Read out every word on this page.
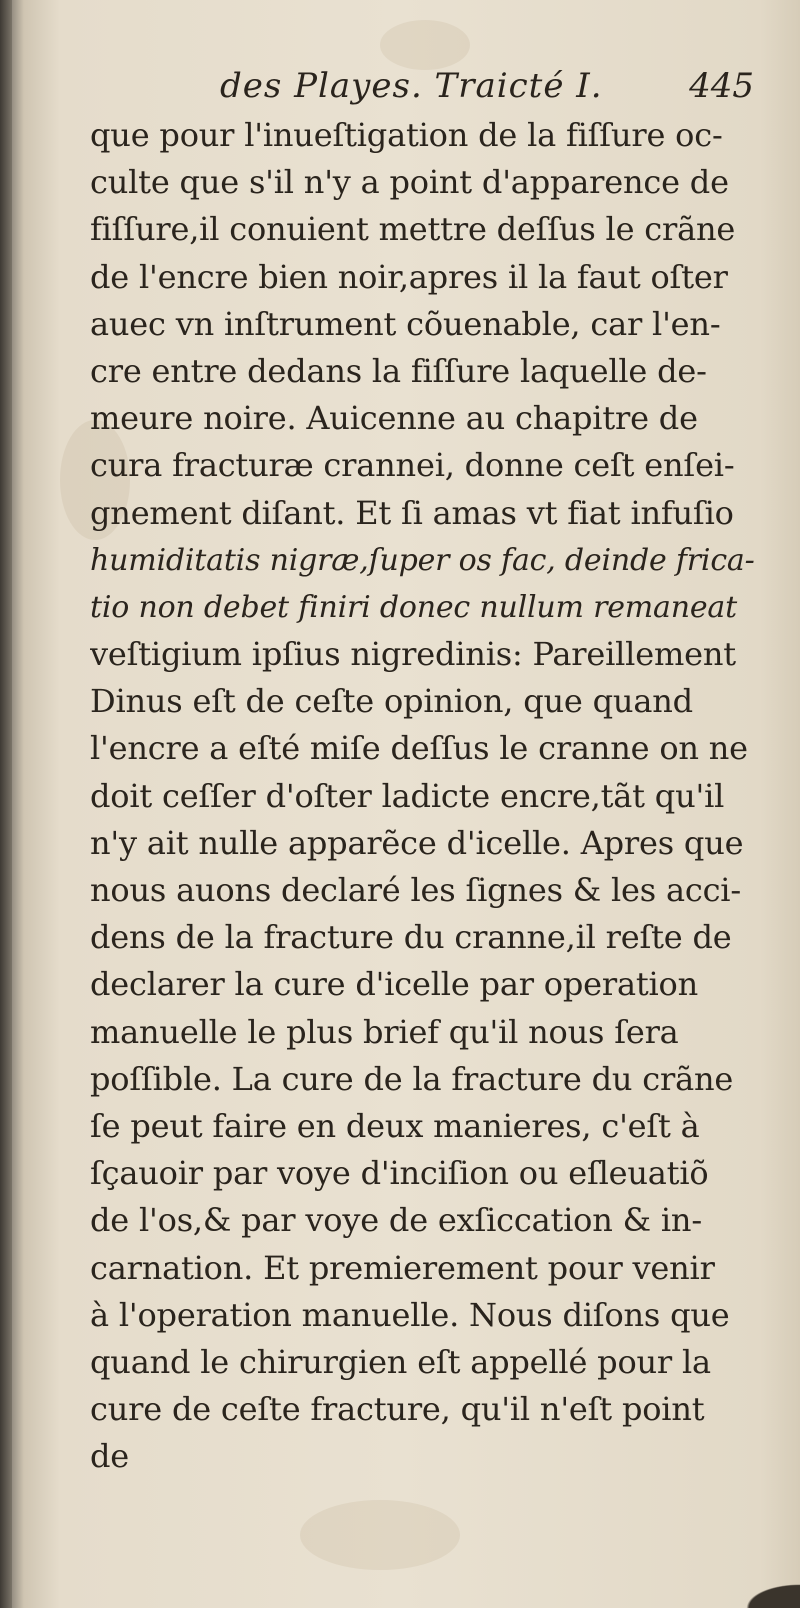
des Playes. Traicté I.	445
que pour l'inueſtigation de la fiſſure oc-
culte que s'il n'y a point d'apparence de
fiſſure,il conuient mettre deſſus le crãne
de l'encre bien noir,apres il la faut oſter
auec vn inſtrument cõuenable, car l'en-
cre entre dedans la fiſſure laquelle de-
meure noire. Auicenne au chapitre de
cura fracturæ crannei, donne ceſt enſei-
gnement diſant. Et ſi amas vt fiat infuſio
humiditatis nigræ,ſuper os fac, deinde frica-
tio non debet finiri donec nullum remaneat
veſtigium ipſius nigredinis: Pareillement
Dinus eſt de ceſte opinion, que quand
l'encre a eſté miſe deſſus le cranne on ne
doit ceſſer d'oſter ladicte encre,tãt qu'il
n'y ait nulle apparẽce d'icelle. Apres que
nous auons declaré les ſignes & les acci-
dens de la fracture du cranne,il reſte de
declarer la cure d'icelle par operation
manuelle le plus brief qu'il nous ſera
poſſible. La cure de la fracture du crãne
ſe peut faire en deux manieres, c'eſt à
ſçauoir par voye d'inciſion ou eſleuatiõ
de l'os,& par voye de exſiccation & in-
carnation. Et premierement pour venir
à l'operation manuelle. Nous diſons que
quand le chirurgien eſt appellé pour la
cure de ceſte fracture, qu'il n'eſt point
de
